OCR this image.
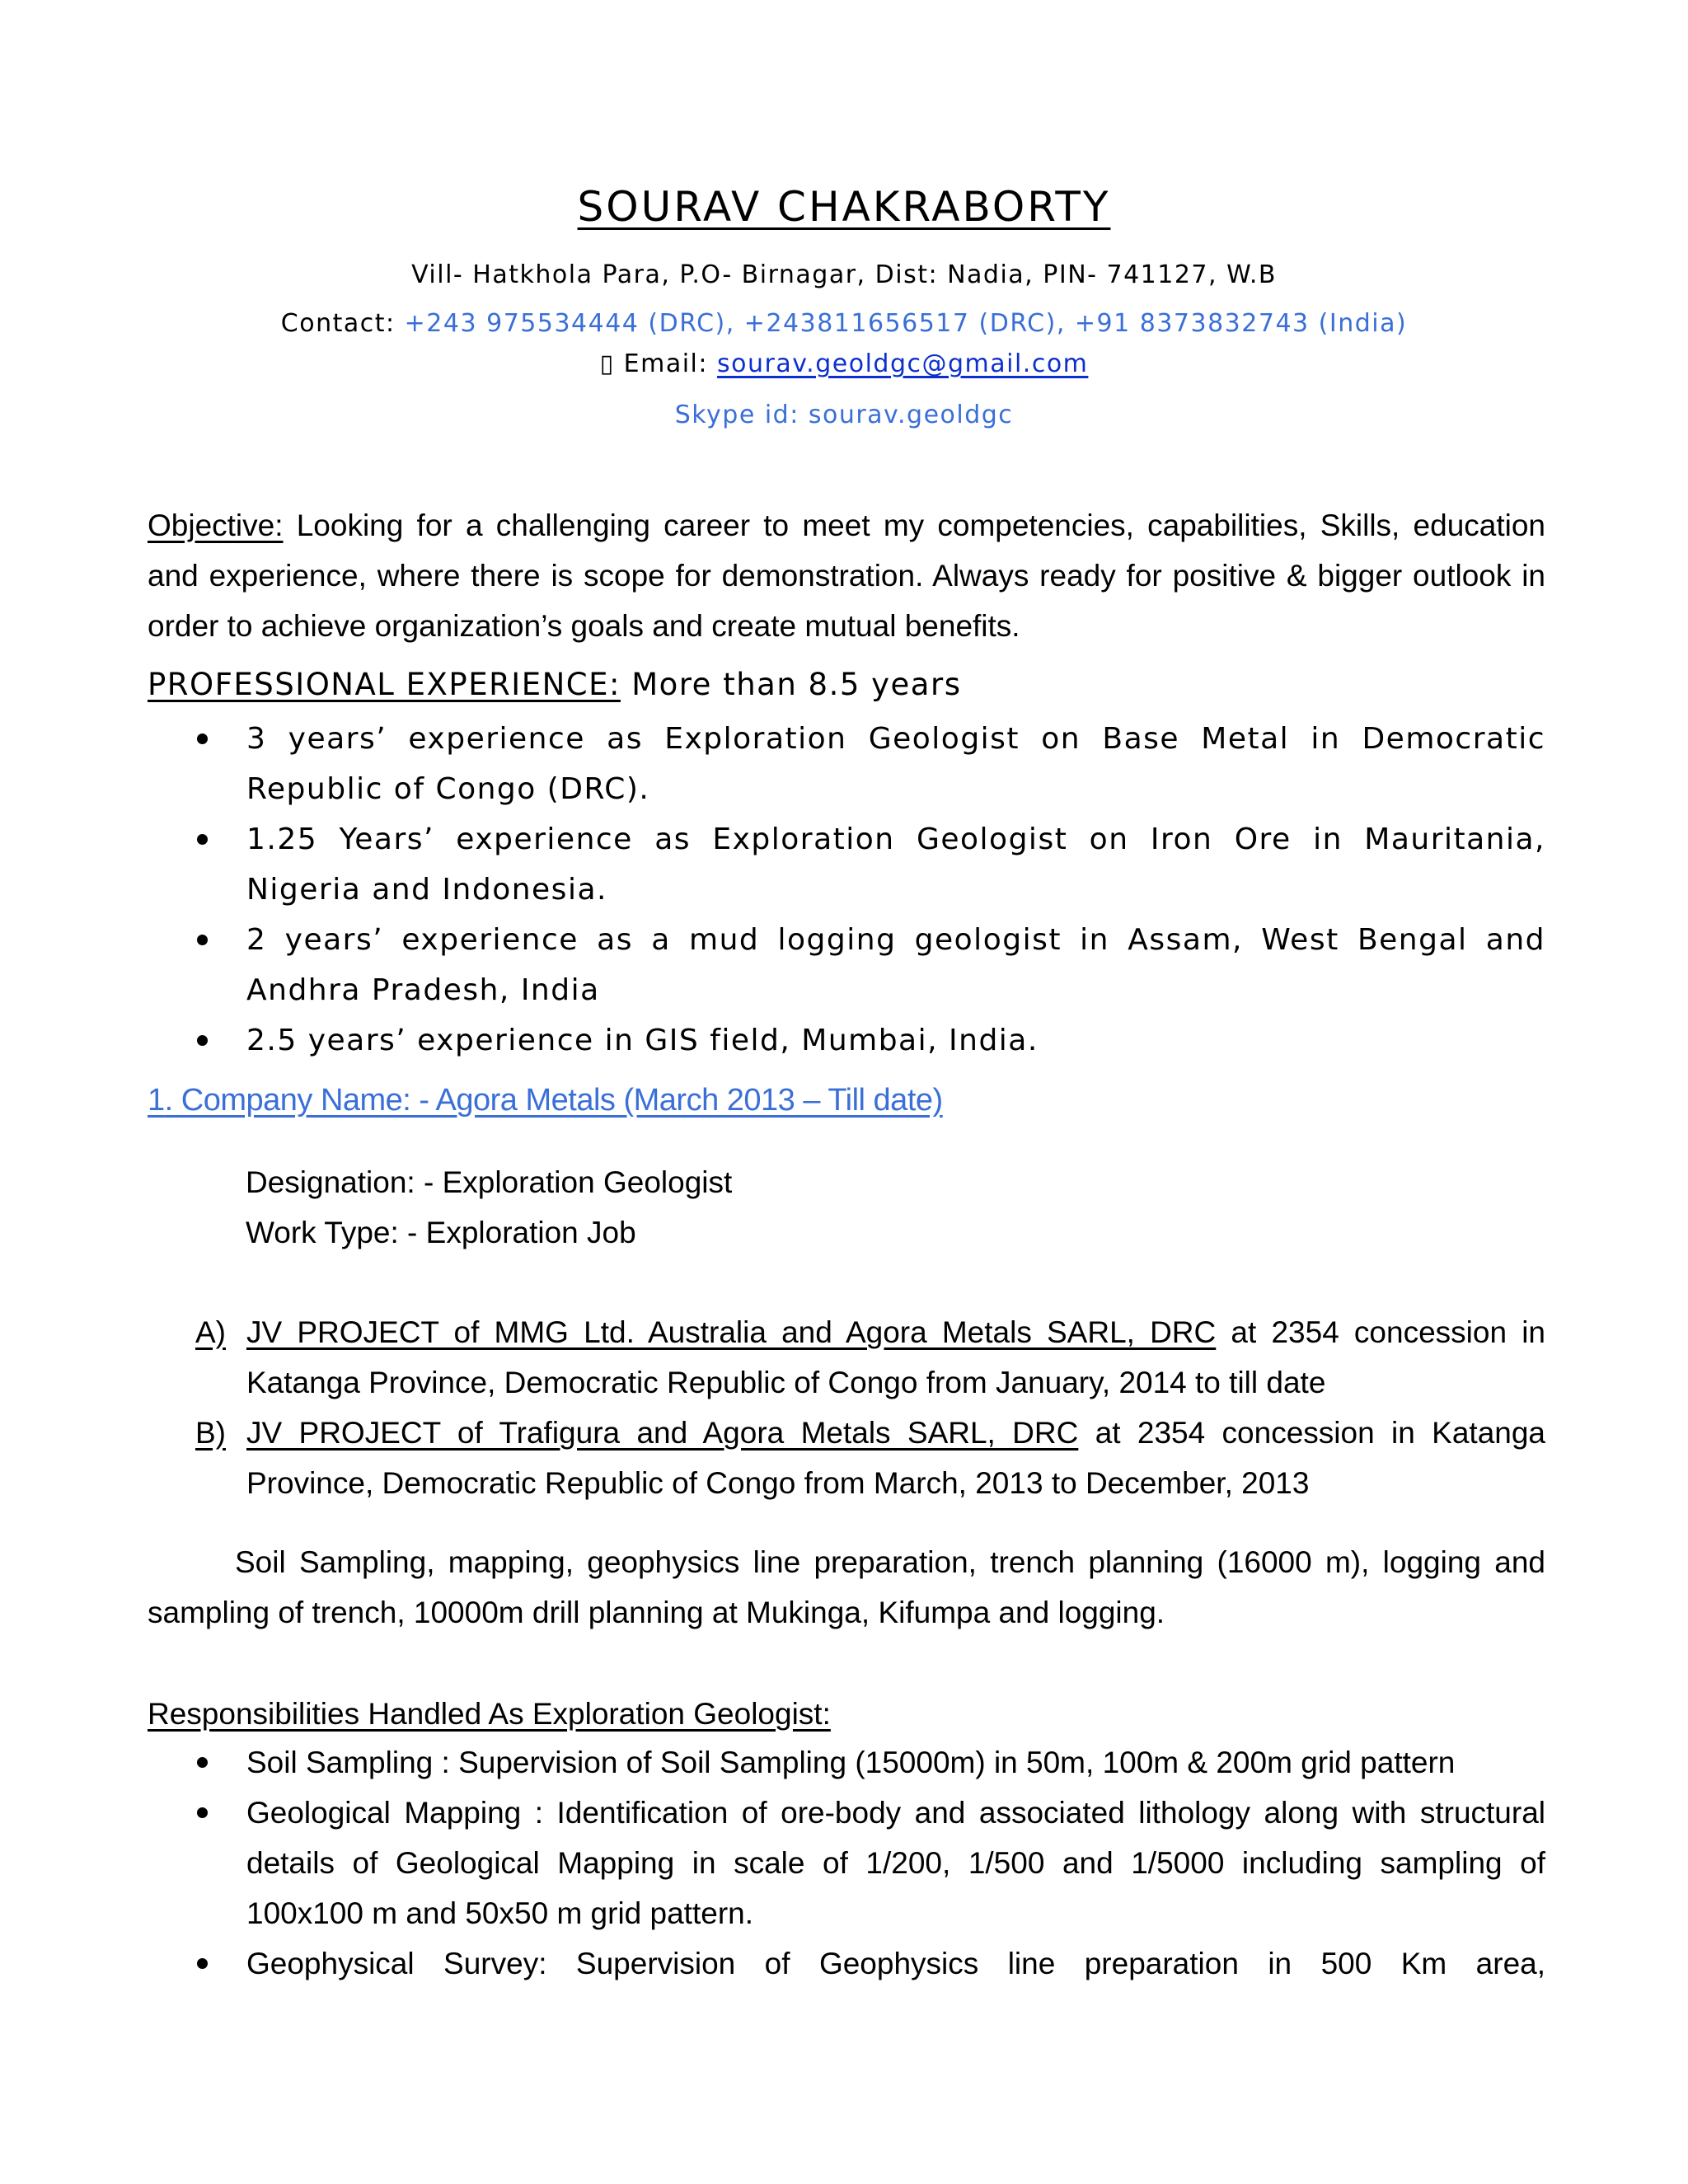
SOURAV CHAKRABORTY
Vill- Hatkhola Para, P.O- Birnagar, Dist: Nadia, PIN- 741127, W.B
Contact: +243 975534444 (DRC), +243811656517 (DRC), +91 8373832743 (India)
▯ Email: sourav.geoldgc@gmail.com
Skype id: sourav.geoldgc
Objective: Looking for a challenging career to meet my competencies, capabilities, Skills, education and experience, where there is scope for demonstration. Always ready for positive & bigger outlook in order to achieve organization’s goals and create mutual benefits.
PROFESSIONAL EXPERIENCE: More than 8.5 years
3 years’ experience as Exploration Geologist on Base Metal in Democratic Republic of Congo (DRC).
1.25 Years’ experience as Exploration Geologist on Iron Ore in Mauritania, Nigeria and Indonesia.
2 years’ experience as a mud logging geologist in Assam, West Bengal and Andhra Pradesh, India
2.5 years’ experience in GIS field, Mumbai, India.
1. Company Name: - Agora Metals (March 2013 – Till date)
Designation: - Exploration Geologist
Work Type: - Exploration Job
A) JV PROJECT of MMG Ltd. Australia and Agora Metals SARL, DRC at 2354 concession in Katanga Province, Democratic Republic of Congo from January, 2014 to till date
B) JV PROJECT of Trafigura and Agora Metals SARL, DRC at 2354 concession in Katanga Province, Democratic Republic of Congo from March, 2013 to December, 2013
Soil Sampling, mapping, geophysics line preparation, trench planning (16000 m), logging and sampling of trench, 10000m drill planning at Mukinga, Kifumpa and logging.
Responsibilities Handled As Exploration Geologist:
Soil Sampling : Supervision of Soil Sampling (15000m) in 50m, 100m & 200m grid pattern
Geological Mapping : Identification of ore-body and associated lithology along with structural details of Geological Mapping in scale of 1/200, 1/500 and 1/5000 including sampling of 100x100 m and 50x50 m grid pattern.
Geophysical Survey: Supervision of Geophysics line preparation in 500 Km area,
